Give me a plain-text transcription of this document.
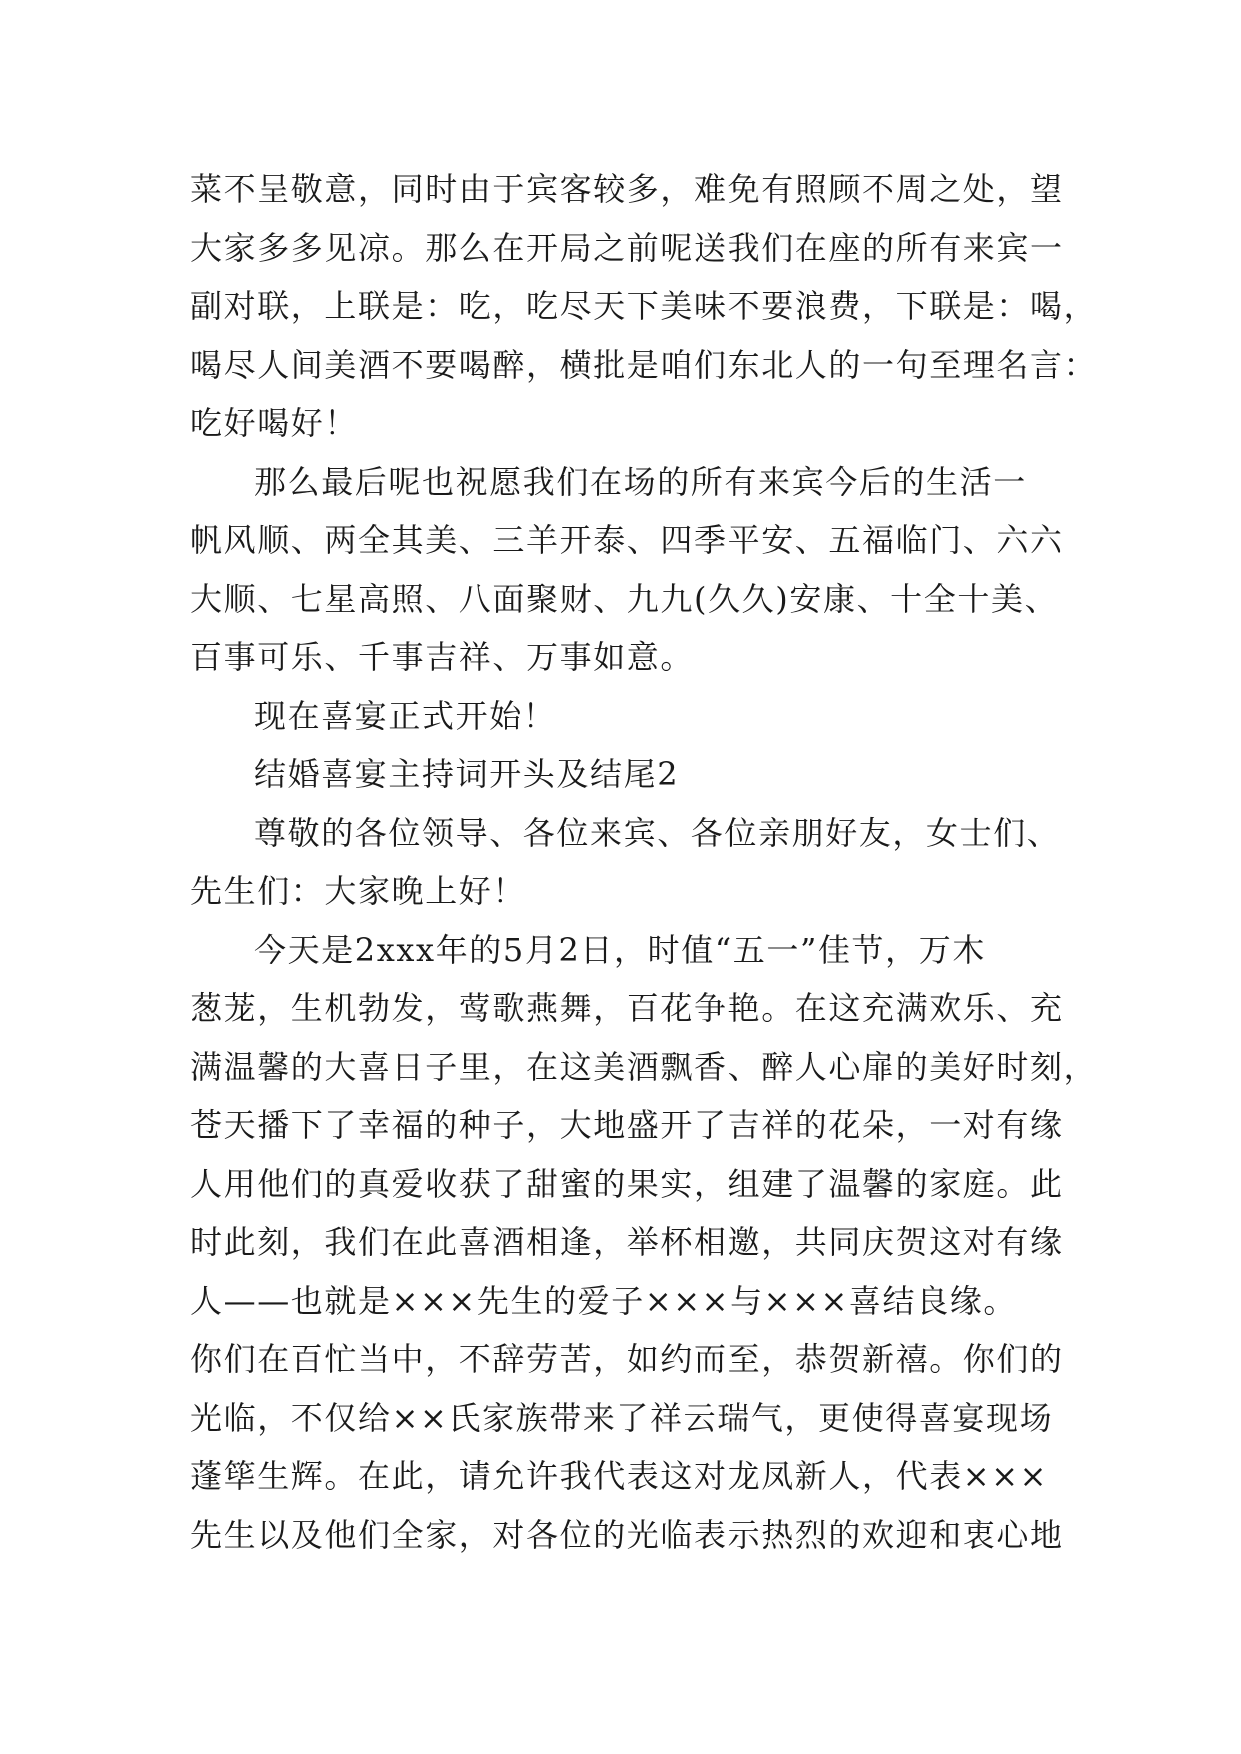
菜不呈敬意，同时由于宾客较多，难免有照顾不周之处，望
大家多多见凉。那么在开局之前呢送我们在座的所有来宾一
副对联，上联是：吃，吃尽天下美味不要浪费，下联是：喝，
喝尽人间美酒不要喝醉，横批是咱们东北人的一句至理名言：
吃好喝好！
那么最后呢也祝愿我们在场的所有来宾今后的生活一
帆风顺、两全其美、三羊开泰、四季平安、五福临门、六六
大顺、七星高照、八面聚财、九九(久久)安康、十全十美、
百事可乐、千事吉祥、万事如意。
现在喜宴正式开始！
结婚喜宴主持词开头及结尾2
尊敬的各位领导、各位来宾、各位亲朋好友，女士们、
先生们：大家晚上好！
今天是2xxx年的5月2日，时值“五一”佳节，万木
葱茏，生机勃发，莺歌燕舞，百花争艳。在这充满欢乐、充
满温馨的大喜日子里，在这美酒飘香、醉人心扉的美好时刻，
苍天播下了幸福的种子，大地盛开了吉祥的花朵，一对有缘
人用他们的真爱收获了甜蜜的果实，组建了温馨的家庭。此
时此刻，我们在此喜酒相逢，举杯相邀，共同庆贺这对有缘
人——也就是×××先生的爱子×××与×××喜结良缘。
你们在百忙当中，不辞劳苦，如约而至，恭贺新禧。你们的
光临，不仅给××氏家族带来了祥云瑞气，更使得喜宴现场
蓬筚生辉。在此，请允许我代表这对龙凤新人，代表×××
先生以及他们全家，对各位的光临表示热烈的欢迎和衷心地
